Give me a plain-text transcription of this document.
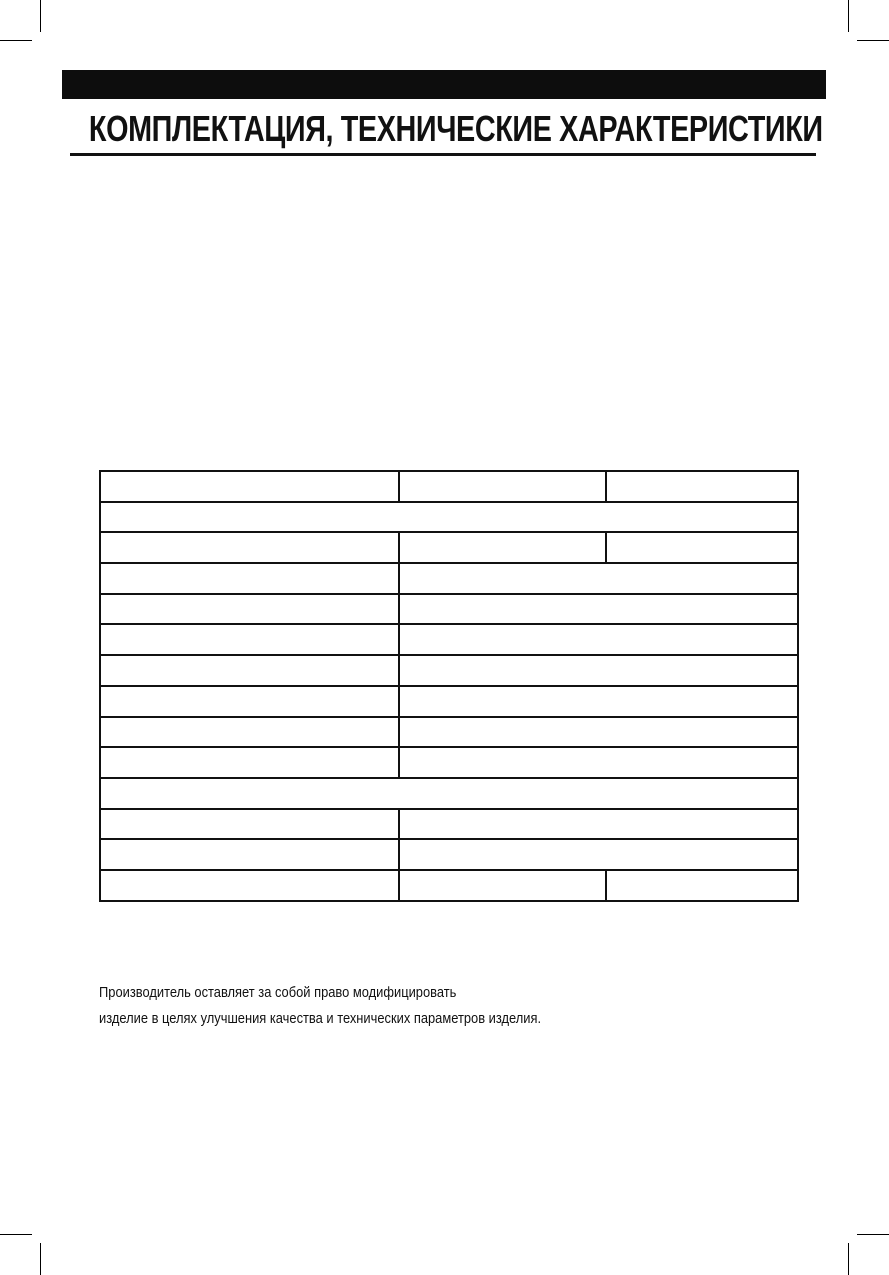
КОМПЛЕКТАЦИЯ, ТЕХНИЧЕСКИЕ ХАРАКТЕРИСТИКИ

Производитель оставляет за собой право модифицировать
изделие в целях улучшения качества и технических параметров изделия.
